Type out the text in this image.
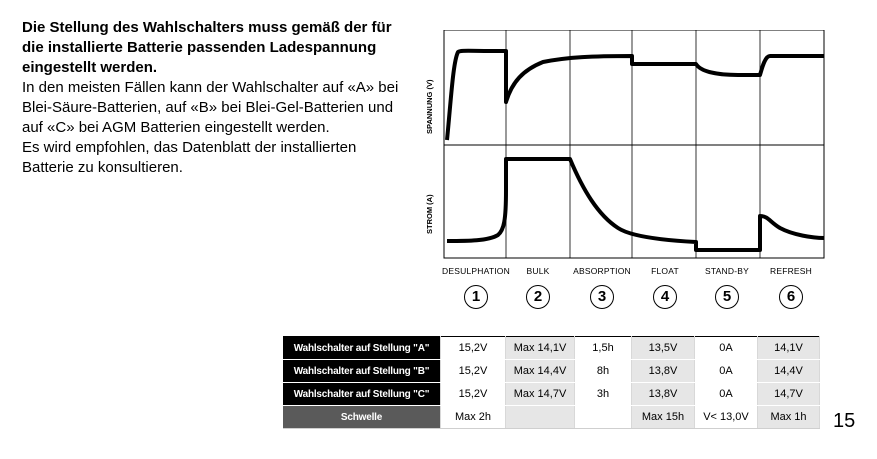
Die Stellung des Wahlschalters muss gemäß der für die installierte Batterie passenden Ladespannung eingestellt werden.
In den meisten Fällen kann der Wahlschalter auf «A» bei Blei-Säure-Batterien, auf «B» bei Blei-Gel-Batterien und auf «C» bei AGM Batterien eingestellt werden.
Es wird empfohlen, das Datenblatt der installierten Batterie zu konsultieren.
SPANNUNG (V)
STROM (A)
DESULPHATION	BULK	ABSORPTION	FLOAT	STAND-BY	REFRESH
1	2	3	4	5	6
Wahlschalter auf Stellung "A"	15,2V	Max 14,1V	1,5h	13,5V	0A	14,1V
Wahlschalter auf Stellung "B"	15,2V	Max 14,4V	8h	13,8V	0A	14,4V
Wahlschalter auf Stellung "C"	15,2V	Max 14,7V	3h	13,8V	0A	14,7V
Schwelle	Max 2h			Max 15h	V< 13,0V	Max 1h 15
